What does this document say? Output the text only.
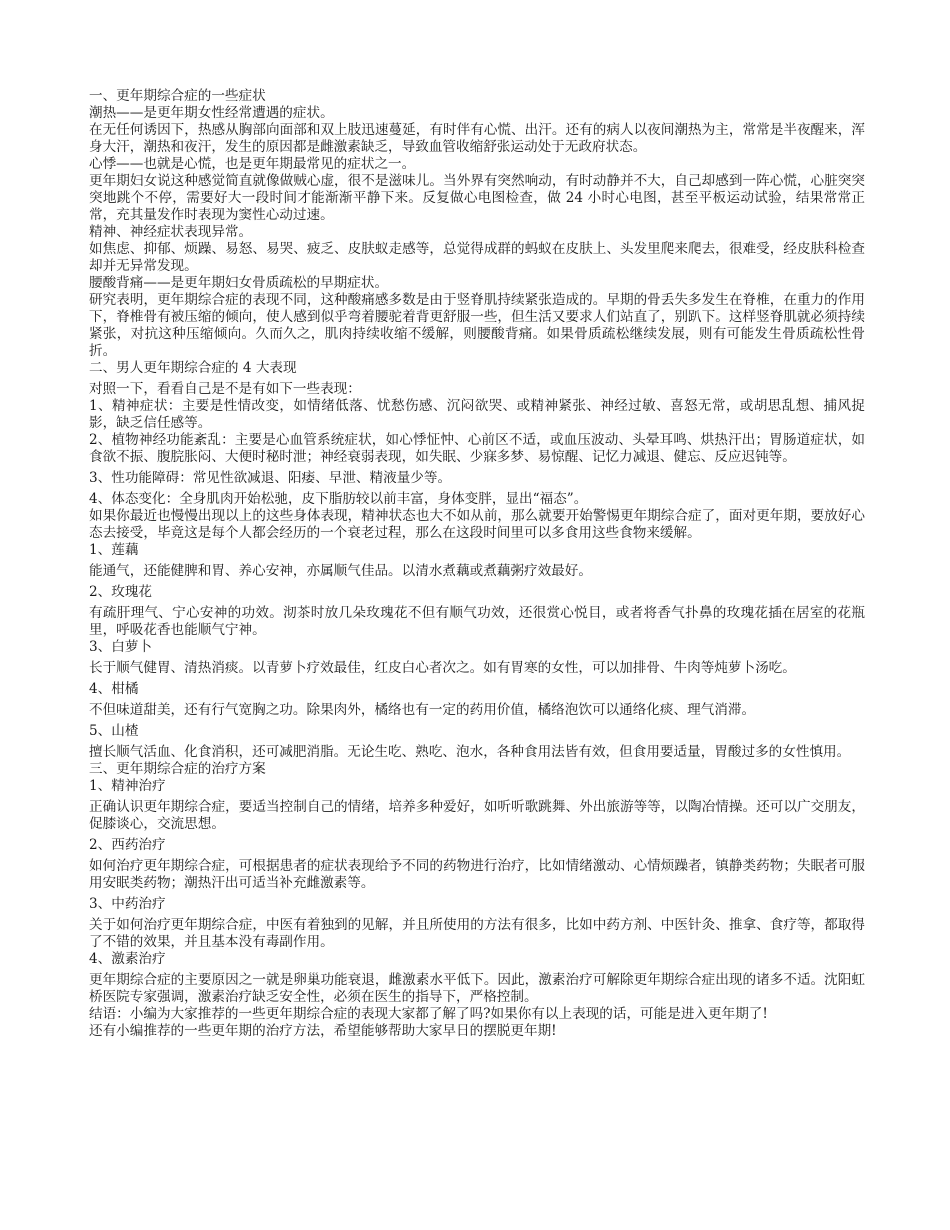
一、更年期综合症的一些症状

潮热——是更年期女性经常遭遇的症状。

在无任何诱因下，热感从胸部向面部和双上肢迅速蔓延，有时伴有心慌、出汗。还有的病人以夜间潮热为主，常常是半夜醒来，浑身大汗，潮热和夜汗，发生的原因都是雌激素缺乏，导致血管收缩舒张运动处于无政府状态。

心悸——也就是心慌，也是更年期最常见的症状之一。

更年期妇女说这种感觉简直就像做贼心虚，很不是滋味儿。当外界有突然响动，有时动静并不大，自己却感到一阵心慌，心脏突突突地跳个不停，需要好大一段时间才能渐渐平静下来。反复做心电图检查，做 24 小时心电图，甚至平板运动试验，结果常常正常，充其量发作时表现为窦性心动过速。

精神、神经症状表现异常。

如焦虑、抑郁、烦躁、易怒、易哭、疲乏、皮肤蚁走感等，总觉得成群的蚂蚁在皮肤上、头发里爬来爬去，很难受，经皮肤科检查却并无异常发现。

腰酸背痛——是更年期妇女骨质疏松的早期症状。

研究表明，更年期综合症的表现不同，这种酸痛感多数是由于竖脊肌持续紧张造成的。早期的骨丢失多发生在脊椎，在重力的作用下，脊椎骨有被压缩的倾向，使人感到似乎弯着腰驼着背更舒服一些，但生活又要求人们站直了，别趴下。这样竖脊肌就必须持续紧张，对抗这种压缩倾向。久而久之，肌肉持续收缩不缓解，则腰酸背痛。如果骨质疏松继续发展，则有可能发生骨质疏松性骨折。

二、男人更年期综合症的 4 大表现

对照一下，看看自己是不是有如下一些表现：

1、精神症状：主要是性情改变，如情绪低落、忧愁伤感、沉闷欲哭、或精神紧张、神经过敏、喜怒无常，或胡思乱想、捕风捉影，缺乏信任感等。

2、植物神经功能紊乱：主要是心血管系统症状，如心悸怔忡、心前区不适，或血压波动、头晕耳鸣、烘热汗出；胃肠道症状，如食欲不振、腹脘胀闷、大便时秘时泄；神经衰弱表现，如失眠、少寐多梦、易惊醒、记忆力减退、健忘、反应迟钝等。

3、性功能障碍：常见性欲减退、阳痿、早泄、精液量少等。

4、体态变化：全身肌肉开始松驰，皮下脂肪较以前丰富，身体变胖，显出“福态”。

如果你最近也慢慢出现以上的这些身体表现，精神状态也大不如从前，那么就要开始警惕更年期综合症了，面对更年期，要放好心态去接受，毕竟这是每个人都会经历的一个衰老过程，那么在这段时间里可以多食用这些食物来缓解。

1、莲藕

能通气，还能健脾和胃、养心安神，亦属顺气佳品。以清水煮藕或煮藕粥疗效最好。

2、玫瑰花

有疏肝理气、宁心安神的功效。沏茶时放几朵玫瑰花不但有顺气功效，还很赏心悦目，或者将香气扑鼻的玫瑰花插在居室的花瓶里，呼吸花香也能顺气宁神。

3、白萝卜

长于顺气健胃、清热消痰。以青萝卜疗效最佳，红皮白心者次之。如有胃寒的女性，可以加排骨、牛肉等炖萝卜汤吃。

4、柑橘

不但味道甜美，还有行气宽胸之功。除果肉外，橘络也有一定的药用价值，橘络泡饮可以通络化痰、理气消滞。

5、山楂

擅长顺气活血、化食消积，还可减肥消脂。无论生吃、熟吃、泡水，各种食用法皆有效，但食用要适量，胃酸过多的女性慎用。

三、更年期综合症的治疗方案

1、精神治疗

正确认识更年期综合症，要适当控制自己的情绪，培养多种爱好，如听听歌跳舞、外出旅游等等，以陶冶情操。还可以广交朋友，促膝谈心，交流思想。

2、西药治疗

如何治疗更年期综合症，可根据患者的症状表现给予不同的药物进行治疗，比如情绪激动、心情烦躁者，镇静类药物；失眠者可服用安眠类药物；潮热汗出可适当补充雌激素等。

3、中药治疗

关于如何治疗更年期综合症，中医有着独到的见解，并且所使用的方法有很多，比如中药方剂、中医针灸、推拿、食疗等，都取得了不错的效果，并且基本没有毒副作用。

4、激素治疗

更年期综合症的主要原因之一就是卵巢功能衰退，雌激素水平低下。因此，激素治疗可解除更年期综合症出现的诸多不适。沈阳虹桥医院专家强调，激素治疗缺乏安全性，必须在医生的指导下，严格控制。

结语：小编为大家推荐的一些更年期综合症的表现大家都了解了吗?如果你有以上表现的话，可能是进入更年期了!

还有小编推荐的一些更年期的治疗方法，希望能够帮助大家早日的摆脱更年期!
